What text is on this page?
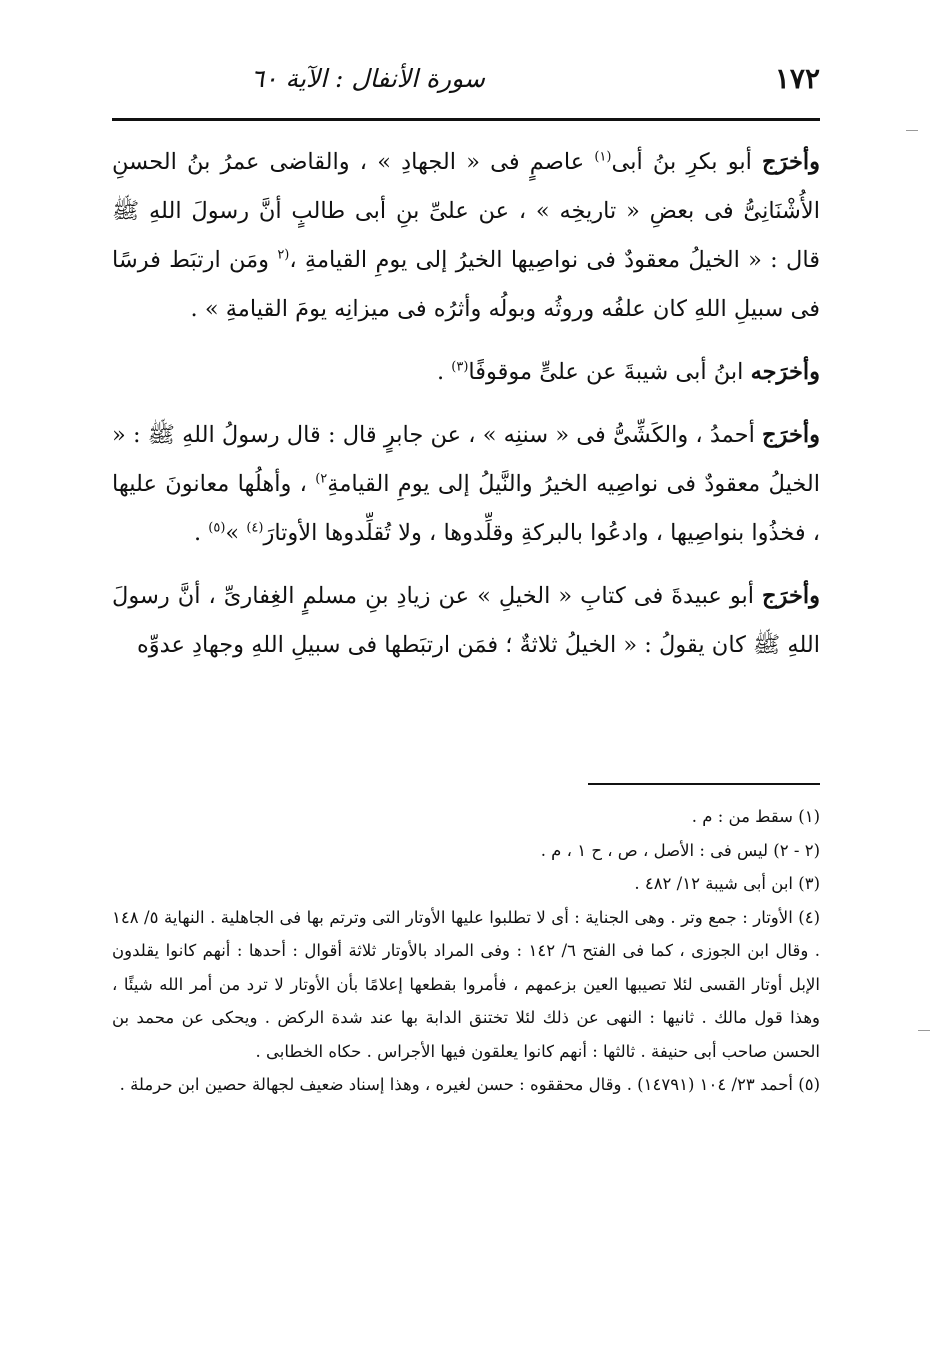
١٧٢
سورة الأنفال : الآية ٦٠

وأخرَج أبو بكرِ بنُ أبى$^{(١)}$ عاصمٍ فى « الجهادِ » ، والقاضى عمرُ بنُ الحسنِ الأُشْنَانِىُّ فى بعضِ « تاريخِه » ، عن علىِّ بنِ أبى طالبٍ أنَّ رسولَ اللهِ ﷺ قال : « الخيلُ معقودٌ فى نواصِيها الخيرُ إلى يومِ القيامةِ ،$^{(٢}$ ومَن ارتبَط فرسًا فى سبيلِ اللهِ كان علفُه وروثُه وبولُه وأثرُه فى ميزانِه يومَ القيامةِ » .

وأخرَجه ابنُ أبى شيبةَ عن علىٍّ موقوفًا$^{(٣)}$ .

وأخرَج أحمدُ ، والكَشِّىُّ فى « سننِه » ، عن جابرٍ قال : قال رسولُ اللهِ ﷺ : « الخيلُ معقودٌ فى نواصِيه الخيرُ والنَّيلُ إلى يومِ القيامةِ$^{٢)}$ ، وأهلُها معانونَ عليها ، فخذُوا بنواصِيها ، وادعُوا بالبركةِ وقلِّدوها ، ولا تُقلِّدوها الأوتارَ$^{(٤)}$ »$^{(٥)}$ .

وأخرَج أبو عبيدةَ فى كتابِ « الخيلِ » عن زيادِ بنِ مسلمٍ الغِفارىِّ ، أنَّ رسولَ اللهِ ﷺ كان يقولُ : « الخيلُ ثلاثةٌ ؛ فمَن ارتبَطها فى سبيلِ اللهِ وجهادِ عدوِّه

(١) سقط من : م .

(٢ - ٢) ليس فى : الأصل ، ص ، ح ١ ، م .

(٣) ابن أبى شيبة ١٢/ ٤٨٢ .

(٤) الأوتار : جمع وتر . وهى الجناية : أى لا تطلبوا عليها الأوتار التى وترتم بها فى الجاهلية . النهاية ٥/ ١٤٨ . وقال ابن الجوزى ، كما فى الفتح ٦/ ١٤٢ : وفى المراد بالأوتار ثلاثة أقوال : أحدها : أنهم كانوا يقلدون الإبل أوتار القسى لئلا تصيبها العين بزعمهم ، فأمروا بقطعها إعلامًا بأن الأوتار لا ترد من أمر الله شيئًا ، وهذا قول مالك . ثانيها : النهى عن ذلك لئلا تختنق الدابة بها عند شدة الركض . ويحكى عن محمد بن الحسن صاحب أبى حنيفة . ثالثها : أنهم كانوا يعلقون فيها الأجراس . حكاه الخطابى .

(٥) أحمد ٢٣/ ١٠٤ (١٤٧٩١) . وقال محققوه : حسن لغيره ، وهذا إسناد ضعيف لجهالة حصين ابن حرملة .
